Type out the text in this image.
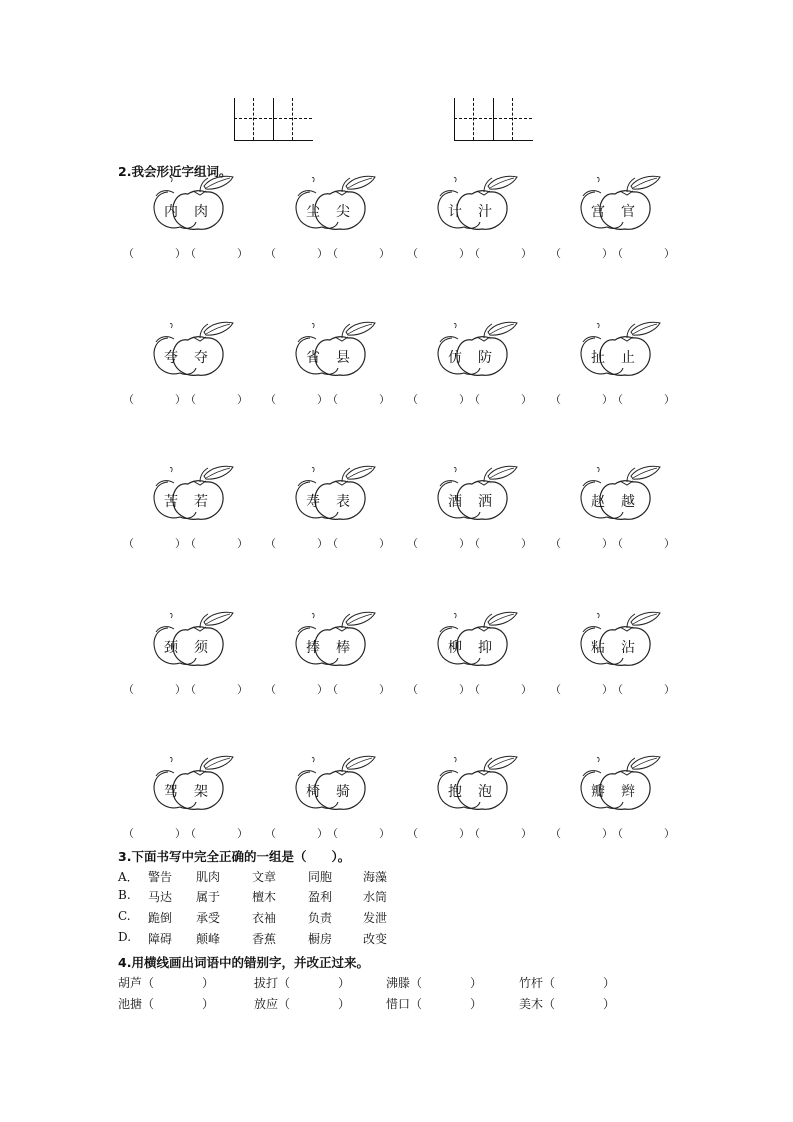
2.我会形近字组词。
内 肉
（	） （	）
尘 尖
（	） （	）
计 汁
（	） （	）
宫 官
（	） （	）
夸 夺
（	） （	）
省 县
（	） （	）
仿 防
（	） （	）
扯 止
（	） （	）
苦 若
（	） （	）
寿 表
（	） （	）
酒 洒
（	） （	）
赵 越
（	） （	）
颈 须
（	） （	）
捧 棒
（	） （	）
柳 抑
（	） （	）
粘 沾
（	） （	）
驾 架
（	） （	）
椅 骑
（	） （	）
抱 泡
（	） （	）
瓣 辫
（	） （	）
3.下面书写中完全正确的一组是（　　）。
A． 警告 肌肉	文章	同胞	海藻
B. 马达 属于	檀木	盈利	水筒
C. 跪倒 承受	衣袖	负责	发泄
D. 障碍 颠峰	香蕉	橱房	改变
4.用横线画出词语中的错别字，并改正过来。
胡芦（　　　　）	拔打（　　　　）	沸滕（　　　　）	竹杆（　　　　）
池搪（　　　　）	放应（　　　　）	惜口（　　　　）	美木（　　　　）
